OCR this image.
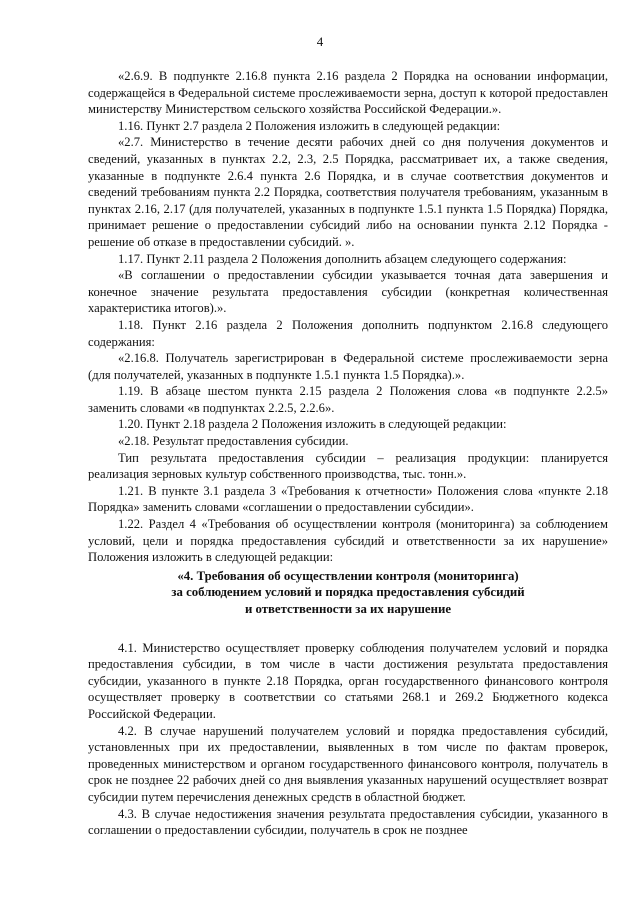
4

«2.6.9. В подпункте 2.16.8 пункта 2.16 раздела 2 Порядка на основании информации, содержащейся в Федеральной системе прослеживаемости зерна, доступ к которой предоставлен министерству Министерством сельского хозяйства Российской Федерации.».

1.16. Пункт 2.7 раздела 2 Положения изложить в следующей редакции:

«2.7. Министерство в течение десяти рабочих дней со дня получения документов и сведений, указанных в пунктах 2.2, 2.3, 2.5 Порядка, рассматривает их, а также сведения, указанные в подпункте 2.6.4 пункта 2.6 Порядка, и в случае соответствия документов и сведений требованиям пункта 2.2 Порядка, соответствия получателя требованиям, указанным в пунктах 2.16, 2.17 (для получателей, указанных в подпункте 1.5.1 пункта 1.5 Порядка) Порядка, принимает решение о предоставлении субсидий либо на основании пункта 2.12 Порядка - решение об отказе в предоставлении субсидий. ».

1.17. Пункт 2.11 раздела 2 Положения дополнить абзацем следующего содержания:

«В соглашении о предоставлении субсидии указывается точная дата завершения и конечное значение результата предоставления субсидии (конкретная количественная характеристика итогов).».

1.18. Пункт 2.16 раздела 2 Положения дополнить подпунктом 2.16.8 следующего содержания:

«2.16.8. Получатель зарегистрирован в Федеральной системе прослеживаемости зерна (для получателей, указанных в подпункте 1.5.1 пункта 1.5 Порядка).».

1.19. В абзаце шестом пункта 2.15 раздела 2 Положения слова «в подпункте 2.2.5» заменить словами «в подпунктах 2.2.5, 2.2.6».

1.20. Пункт 2.18 раздела 2 Положения изложить в следующей редакции:

«2.18. Результат предоставления субсидии.

Тип результата предоставления субсидии – реализация продукции: планируется реализация зерновых культур собственного производства, тыс. тонн.».

1.21. В пункте 3.1 раздела 3 «Требования к отчетности» Положения слова «пункте 2.18 Порядка» заменить словами «соглашении о предоставлении субсидии».

1.22. Раздел 4 «Требования об осуществлении контроля (мониторинга) за соблюдением условий, цели и порядка предоставления субсидий и ответственности за их нарушение» Положения изложить в следующей редакции:

«4. Требования об осуществлении контроля (мониторинга)
за соблюдением условий и порядка предоставления субсидий
и ответственности за их нарушение

4.1. Министерство осуществляет проверку соблюдения получателем условий и порядка предоставления субсидии, в том числе в части достижения результата предоставления субсидии, указанного в пункте 2.18 Порядка, орган государственного финансового контроля осуществляет проверку в соответствии со статьями 268.1 и 269.2 Бюджетного кодекса Российской Федерации.

4.2. В случае нарушений получателем условий и порядка предоставления субсидий, установленных при их предоставлении, выявленных в том числе по фактам проверок, проведенных министерством и органом государственного финансового контроля, получатель в срок не позднее 22 рабочих дней со дня выявления указанных нарушений осуществляет возврат субсидии путем перечисления денежных средств в областной бюджет.

4.3. В случае недостижения значения результата предоставления субсидии, указанного в соглашении о предоставлении субсидии, получатель в срок не позднее
